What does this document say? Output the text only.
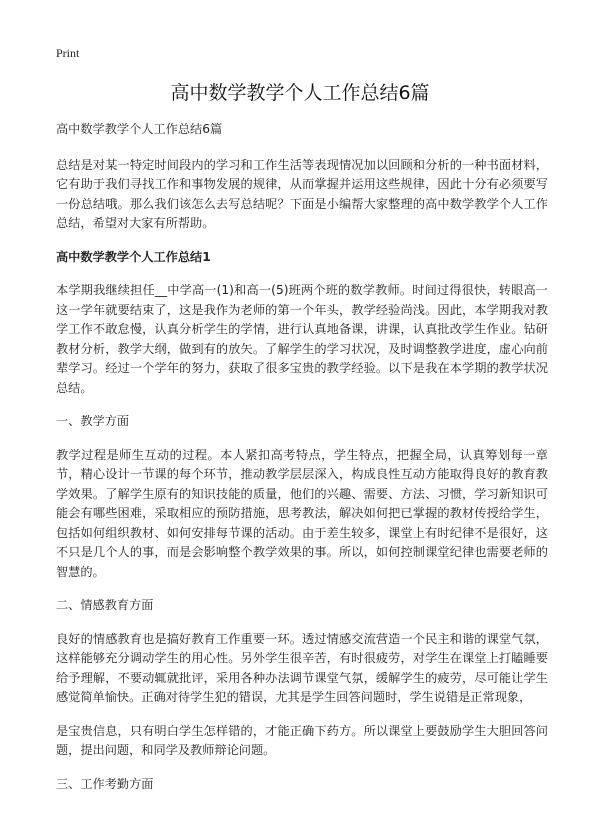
Print
高中数学教学个人工作总结6篇

高中数学教学个人工作总结6篇

总结是对某一特定时间段内的学习和工作生活等表现情况加以回顾和分析的一种书面材料，它有助于我们寻找工作和事物发展的规律，从而掌握并运用这些规律，因此十分有必须要写一份总结哦。那么我们该怎么去写总结呢？下面是小编帮大家整理的高中数学教学个人工作总结，希望对大家有所帮助。

高中数学教学个人工作总结1

本学期我继续担任__中学高一(1)和高一(5)班两个班的数学教师。时间过得很快，转眼高一这一学年就要结束了，这是我作为老师的第一个年头，教学经验尚浅。因此，本学期我对教学工作不敢怠慢，认真分析学生的学情，进行认真地备课，讲课，认真批改学生作业。钻研教材分析，教学大纲，做到有的放矢。了解学生的学习状况，及时调整教学进度，虚心向前辈学习。经过一个学年的努力，获取了很多宝贵的教学经验。以下是我在本学期的教学状况总结。

一、教学方面

教学过程是师生互动的过程。本人紧扣高考特点，学生特点，把握全局，认真筹划每一章节，精心设计一节课的每个环节，推动教学层层深入，构成良性互动方能取得良好的教育教学效果。了解学生原有的知识技能的质量，他们的兴趣、需要、方法、习惯，学习新知识可能会有哪些困难，采取相应的预防措施，思考教法，解决如何把已掌握的教材传授给学生，包括如何组织教材、如何安排每节课的活动。由于差生较多，课堂上有时纪律不是很好，这不只是几个人的事，而是会影响整个教学效果的事。所以，如何控制课堂纪律也需要老师的智慧的。

二、情感教育方面

良好的情感教育也是搞好教育工作重要一环。透过情感交流营造一个民主和谐的课堂气氛，这样能够充分调动学生的用心性。另外学生很辛苦，有时很疲劳，对学生在课堂上打瞌睡要给予理解，不要动辄就批评，采用各种办法调节课堂气氛，缓解学生的疲劳，尽可能让学生感觉简单愉快。正确对待学生犯的错误，尤其是学生回答问题时，学生说错是正常现象，

是宝贵信息，只有明白学生怎样错的，才能正确下药方。所以课堂上要鼓励学生大胆回答问题，提出问题，和同学及教师辩论问题。

三、工作考勤方面
